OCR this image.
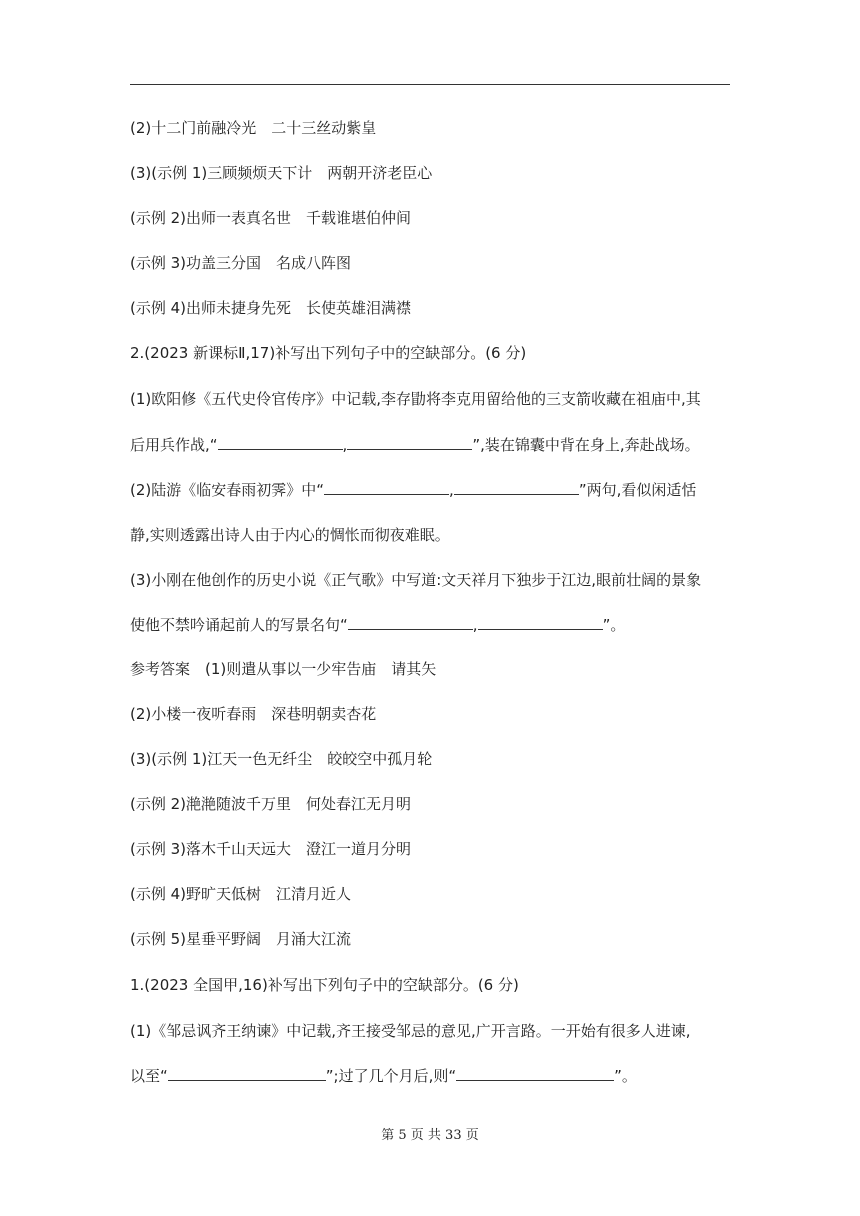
(2)十二门前融冷光　二十三丝动紫皇
(3)(示例 1)三顾频烦天下计　两朝开济老臣心
(示例 2)出师一表真名世　千载谁堪伯仲间
(示例 3)功盖三分国　名成八阵图
(示例 4)出师未捷身先死　长使英雄泪满襟
2.(2023 新课标Ⅱ,17)补写出下列句子中的空缺部分。(6 分)
(1)欧阳修《五代史伶官传序》中记载,李存勖将李克用留给他的三支箭收藏在祖庙中,其
后用兵作战,“	,	”,装在锦囊中背在身上,奔赴战场。
(2)陆游《临安春雨初霁》中“	,	”两句,看似闲适恬
静,实则透露出诗人由于内心的惆怅而彻夜难眠。
(3)小刚在他创作的历史小说《正气歌》中写道:文天祥月下独步于江边,眼前壮阔的景象
使他不禁吟诵起前人的写景名句“	,	”。
参考答案　(1)则遣从事以一少牢告庙　请其矢
(2)小楼一夜听春雨　深巷明朝卖杏花
(3)(示例 1)江天一色无纤尘　皎皎空中孤月轮
(示例 2)滟滟随波千万里　何处春江无月明
(示例 3)落木千山天远大　澄江一道月分明
(示例 4)野旷天低树　江清月近人
(示例 5)星垂平野阔　月涌大江流
1.(2023 全国甲,16)补写出下列句子中的空缺部分。(6 分)
(1)《邹忌讽齐王纳谏》中记载,齐王接受邹忌的意见,广开言路。一开始有很多人进谏,
以至“	”;过了几个月后,则“	”。
第 5 页 共 33 页
